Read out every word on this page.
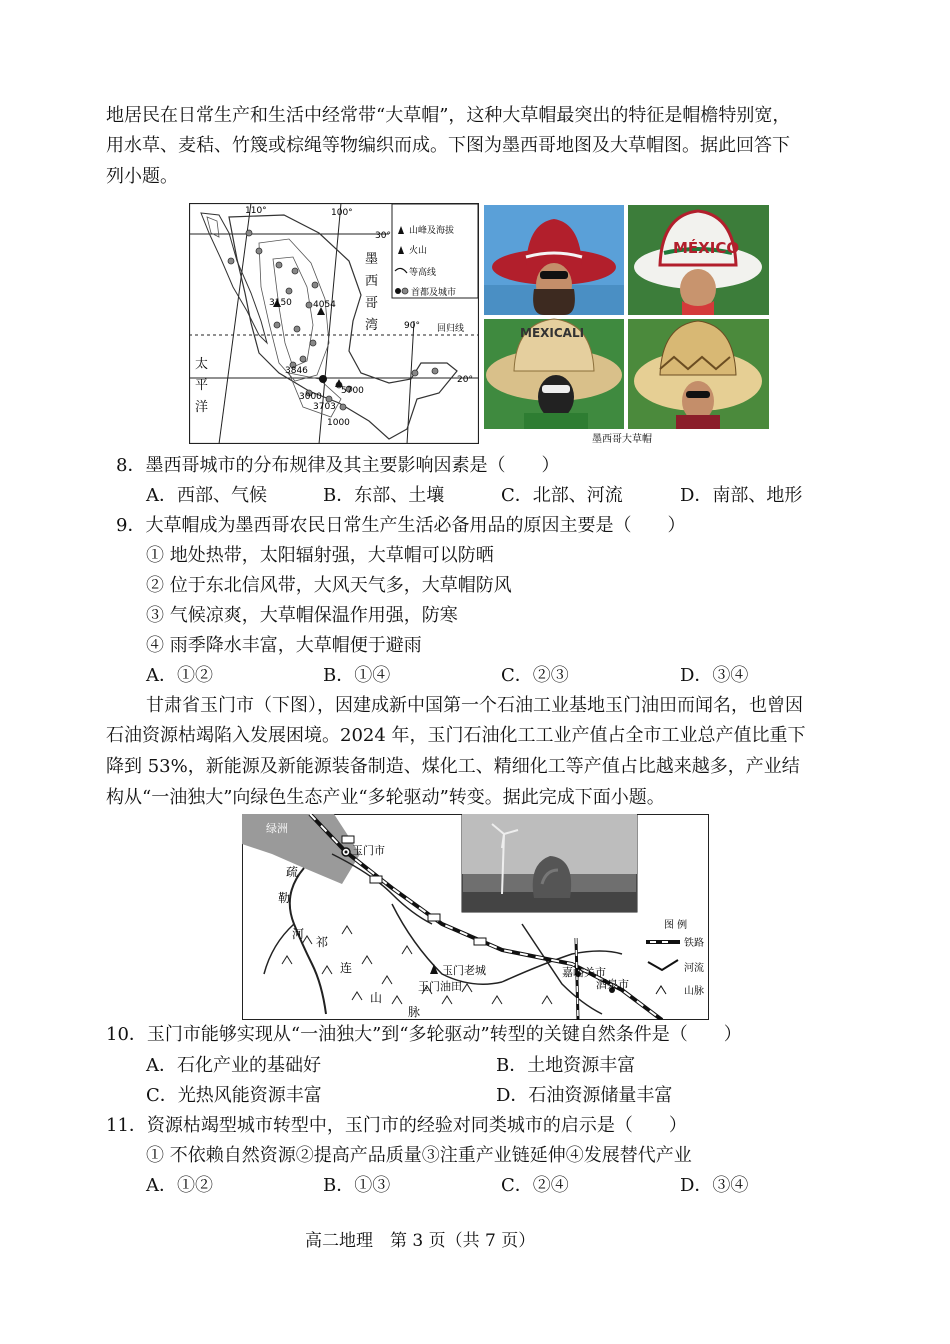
地居民在日常生产和生活中经常带“大草帽”，这种大草帽最突出的特征是帽檐特别宽，
用水草、麦秸、竹篾或棕绳等物编织而成。下图为墨西哥地图及大草帽图。据此回答下
列小题。
110°	100°
90°
30°
20°
回归线
墨
西
哥
湾
太
平
洋
3150 4054
3846
5700
3000
3703
1000
山峰及海拔
火山
等高线
首都及城市
MÉXICO
MEXICALI
墨西哥大草帽
8．墨西哥城市的分布规律及其主要影响因素是（　　）
A．西部、气候	B．东部、土壤	C．北部、河流	D．南部、地形
9．大草帽成为墨西哥农民日常生产生活必备用品的原因主要是（　　）
① 地处热带，太阳辐射强，大草帽可以防晒
② 位于东北信风带，大风天气多，大草帽防风
③ 气候凉爽，大草帽保温作用强，防寒
④ 雨季降水丰富，大草帽便于避雨
A．①②	B．①④	C．②③	D．③④
甘肃省玉门市（下图），因建成新中国第一个石油工业基地玉门油田而闻名，也曾因
石油资源枯竭陷入发展困境。2024 年，玉门石油化工工业产值占全市工业总产值比重下
降到 53%，新能源及新能源装备制造、煤化工、精细化工等产值占比越来越多，产业结
构从“一油独大”向绿色生态产业“多轮驱动”转变。据此完成下面小题。
绿洲
玉门市
玉门老城
玉门油田
嘉峪关市
酒泉市
疏
勒
河
祁
连
山
脉
图 例
铁路
河流
山脉
10．玉门市能够实现从“一油独大”到“多轮驱动”转型的关键自然条件是（　　）
A．石化产业的基础好	B．土地资源丰富
C．光热风能资源丰富	D．石油资源储量丰富
11．资源枯竭型城市转型中，玉门市的经验对同类城市的启示是（　　）
① 不依赖自然资源②提高产品质量③注重产业链延伸④发展替代产业
A．①②	B．①③	C．②④	D．③④
高二地理　第 3 页（共 7 页）
